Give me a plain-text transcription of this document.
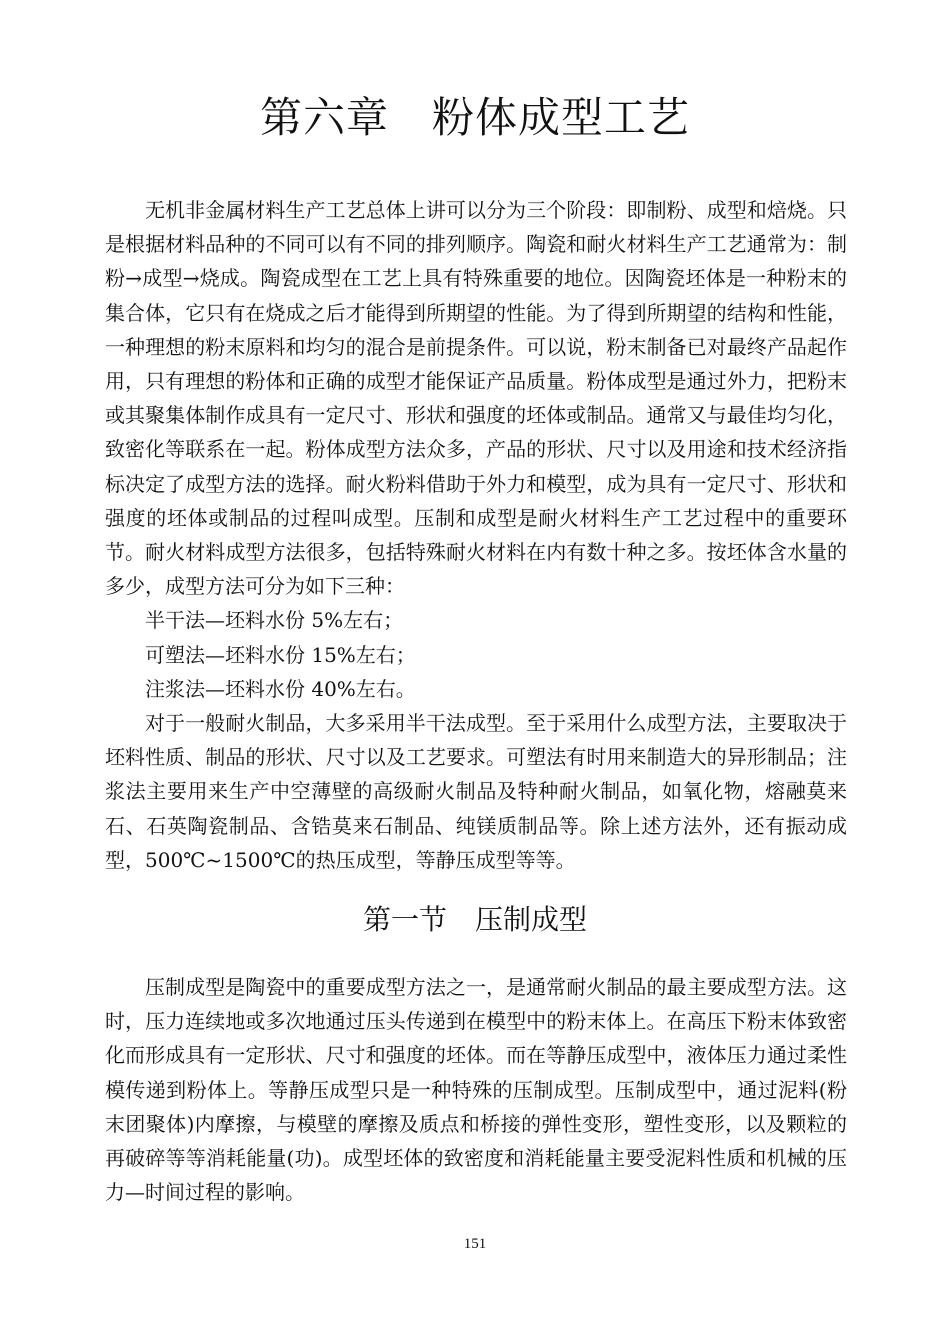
第六章　粉体成型工艺

无机非金属材料生产工艺总体上讲可以分为三个阶段：即制粉、成型和焙烧。只是根据材料品种的不同可以有不同的排列顺序。陶瓷和耐火材料生产工艺通常为：制粉→成型→烧成。陶瓷成型在工艺上具有特殊重要的地位。因陶瓷坯体是一种粉末的集合体，它只有在烧成之后才能得到所期望的性能。为了得到所期望的结构和性能，一种理想的粉末原料和均匀的混合是前提条件。可以说，粉末制备已对最终产品起作用，只有理想的粉体和正确的成型才能保证产品质量。粉体成型是通过外力，把粉末或其聚集体制作成具有一定尺寸、形状和强度的坯体或制品。通常又与最佳均匀化，致密化等联系在一起。粉体成型方法众多，产品的形状、尺寸以及用途和技术经济指标决定了成型方法的选择。耐火粉料借助于外力和模型，成为具有一定尺寸、形状和强度的坯体或制品的过程叫成型。压制和成型是耐火材料生产工艺过程中的重要环节。耐火材料成型方法很多，包括特殊耐火材料在内有数十种之多。按坯体含水量的多少，成型方法可分为如下三种：

半干法—坯料水份 5%左右；

可塑法—坯料水份 15%左右；

注浆法—坯料水份 40%左右。

对于一般耐火制品，大多采用半干法成型。至于采用什么成型方法，主要取决于坯料性质、制品的形状、尺寸以及工艺要求。可塑法有时用来制造大的异形制品；注浆法主要用来生产中空薄壁的高级耐火制品及特种耐火制品，如氧化物，熔融莫来石、石英陶瓷制品、含锆莫来石制品、纯镁质制品等。除上述方法外，还有振动成型，500℃~1500℃的热压成型，等静压成型等等。

第一节　压制成型

压制成型是陶瓷中的重要成型方法之一，是通常耐火制品的最主要成型方法。这时，压力连续地或多次地通过压头传递到在模型中的粉末体上。在高压下粉末体致密化而形成具有一定形状、尺寸和强度的坯体。而在等静压成型中，液体压力通过柔性模传递到粉体上。等静压成型只是一种特殊的压制成型。压制成型中，通过泥料(粉末团聚体)内摩擦，与模壁的摩擦及质点和桥接的弹性变形，塑性变形，以及颗粒的再破碎等等消耗能量(功)。成型坯体的致密度和消耗能量主要受泥料性质和机械的压力—时间过程的影响。

151
